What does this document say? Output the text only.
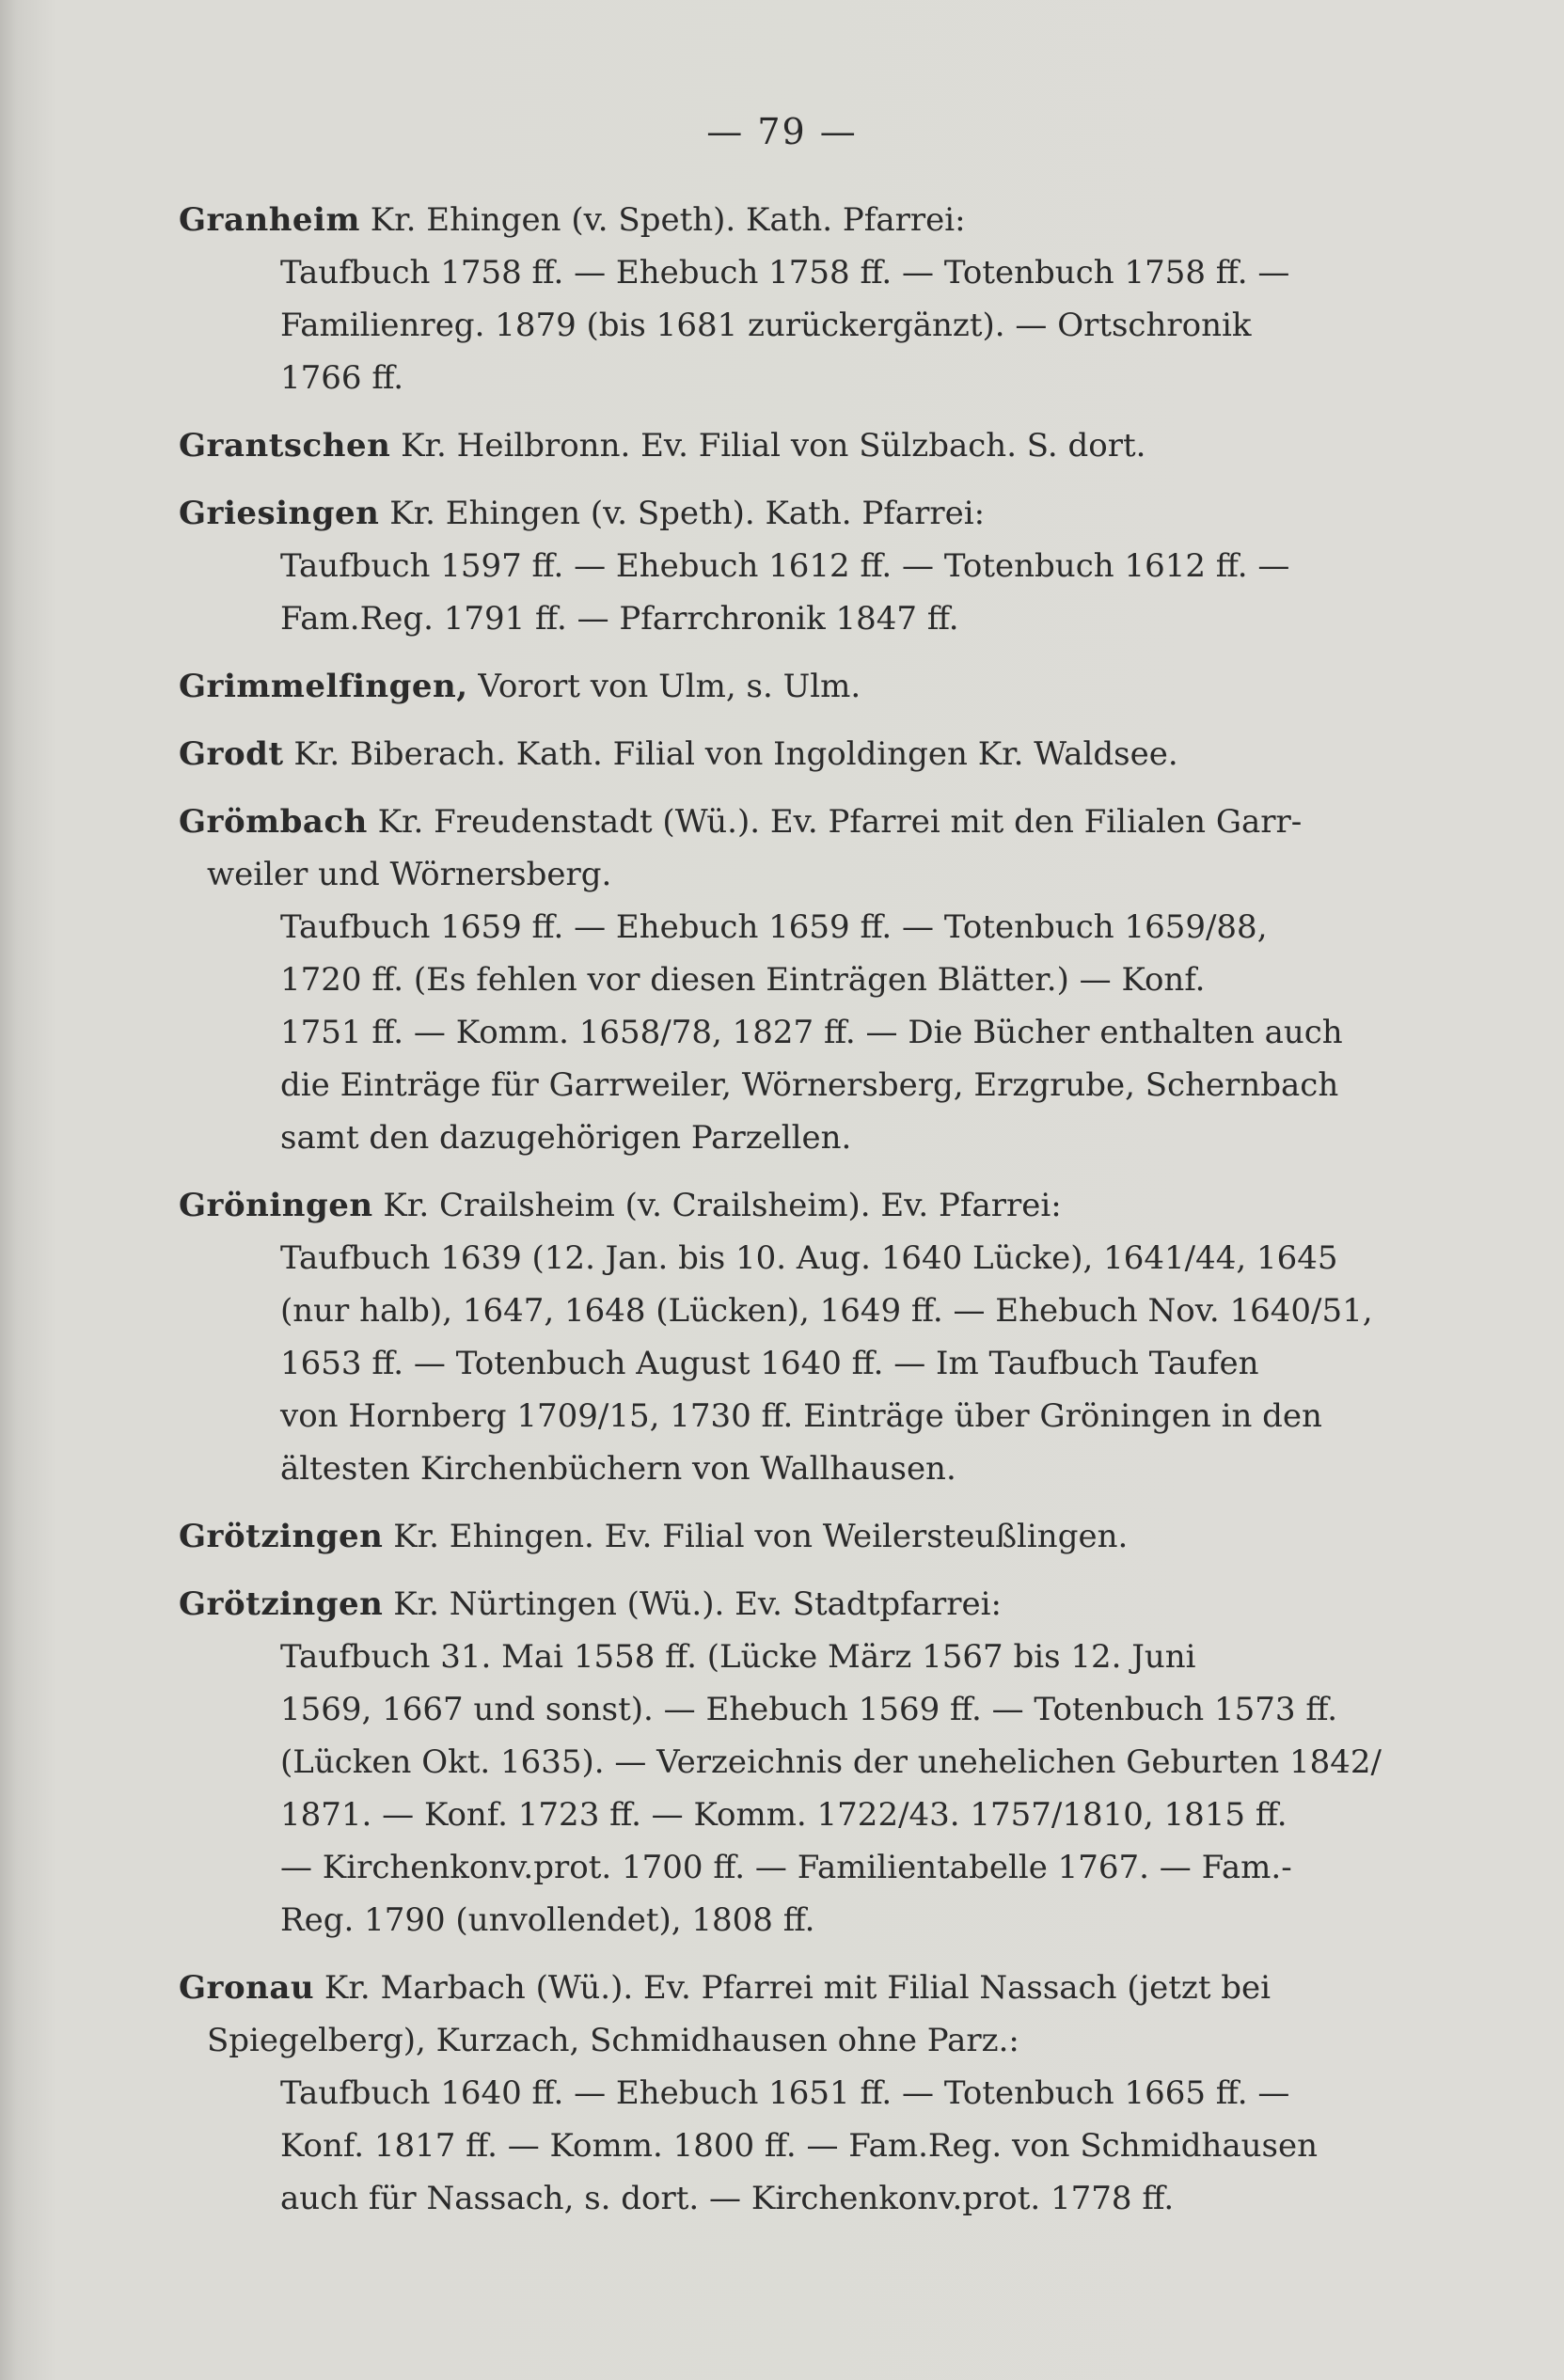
— 79 —

Granheim Kr. Ehingen (v. Speth). Kath. Pfarrei:

Taufbuch 1758 ff. — Ehebuch 1758 ff. — Totenbuch 1758 ff. —

Familienreg. 1879 (bis 1681 zurückergänzt). — Ortschronik

1766 ff.

Grantschen Kr. Heilbronn. Ev. Filial von Sülzbach. S. dort.

Griesingen Kr. Ehingen (v. Speth). Kath. Pfarrei:

Taufbuch 1597 ff. — Ehebuch 1612 ff. — Totenbuch 1612 ff. —

Fam.Reg. 1791 ff. — Pfarrchronik 1847 ff.

Grimmelfingen, Vorort von Ulm, s. Ulm.

Grodt Kr. Biberach. Kath. Filial von Ingoldingen Kr. Waldsee.

Grömbach Kr. Freudenstadt (Wü.). Ev. Pfarrei mit den Filialen Garr-

weiler und Wörnersberg.

Taufbuch 1659 ff. — Ehebuch 1659 ff. — Totenbuch 1659/88,

1720 ff. (Es fehlen vor diesen Einträgen Blätter.) — Konf.

1751 ff. — Komm. 1658/78, 1827 ff. — Die Bücher enthalten auch

die Einträge für Garrweiler, Wörnersberg, Erzgrube, Schernbach

samt den dazugehörigen Parzellen.

Gröningen Kr. Crailsheim (v. Crailsheim). Ev. Pfarrei:

Taufbuch 1639 (12. Jan. bis 10. Aug. 1640 Lücke), 1641/44, 1645

(nur halb), 1647, 1648 (Lücken), 1649 ff. — Ehebuch Nov. 1640/51,

1653 ff. — Totenbuch August 1640 ff. — Im Taufbuch Taufen

von Hornberg 1709/15, 1730 ff. Einträge über Gröningen in den

ältesten Kirchenbüchern von Wallhausen.

Grötzingen Kr. Ehingen. Ev. Filial von Weilersteußlingen.

Grötzingen Kr. Nürtingen (Wü.). Ev. Stadtpfarrei:

Taufbuch 31. Mai 1558 ff. (Lücke März 1567 bis 12. Juni

1569, 1667 und sonst). — Ehebuch 1569 ff. — Totenbuch 1573 ff.

(Lücken Okt. 1635). — Verzeichnis der unehelichen Geburten 1842/

1871. — Konf. 1723 ff. — Komm. 1722/43. 1757/1810, 1815 ff.

— Kirchenkonv.prot. 1700 ff. — Familientabelle 1767. — Fam.-

Reg. 1790 (unvollendet), 1808 ff.

Gronau Kr. Marbach (Wü.). Ev. Pfarrei mit Filial Nassach (jetzt bei

Spiegelberg), Kurzach, Schmidhausen ohne Parz.:

Taufbuch 1640 ff. — Ehebuch 1651 ff. — Totenbuch 1665 ff. —

Konf. 1817 ff. — Komm. 1800 ff. — Fam.Reg. von Schmidhausen

auch für Nassach, s. dort. — Kirchenkonv.prot. 1778 ff.
